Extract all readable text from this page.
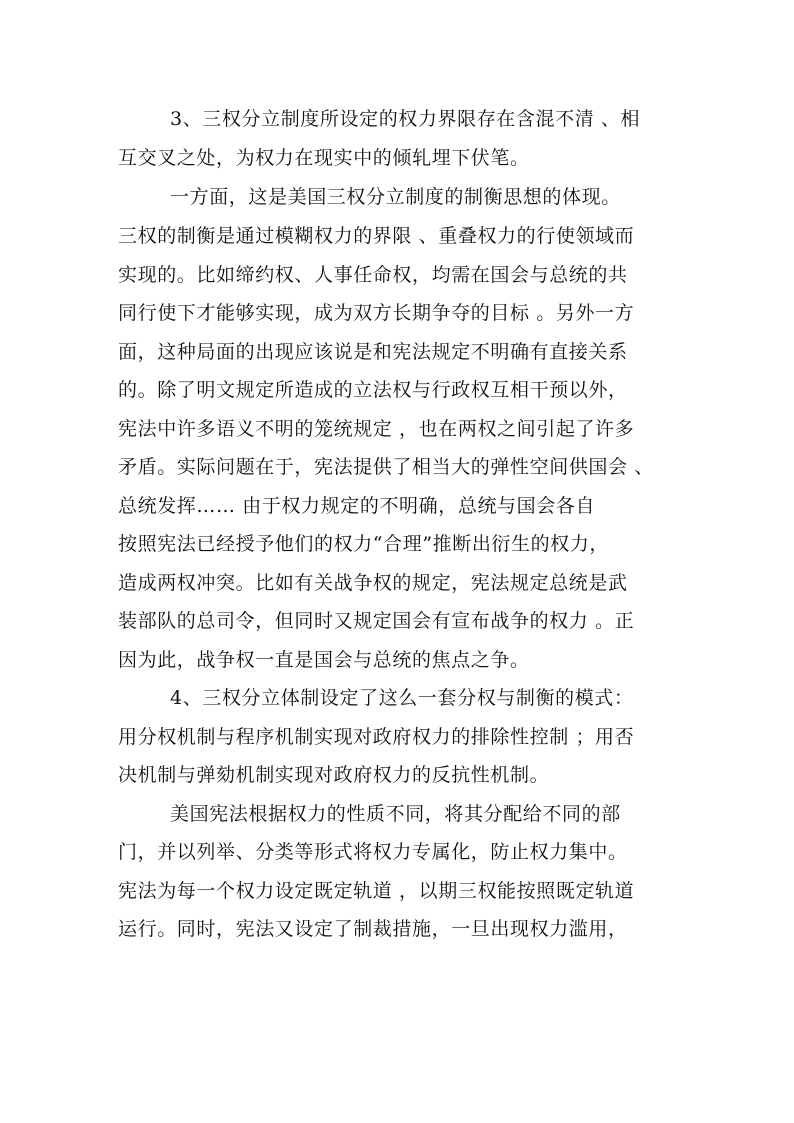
3、三权分立制度所设定的权力界限存在含混不清 、相
互交叉之处，为权力在现实中的倾轧埋下伏笔。
一方面，这是美国三权分立制度的制衡思想的体现。
三权的制衡是通过模糊权力的界限 、重叠权力的行使领域而
实现的。比如缔约权、人事任命权，均需在国会与总统的共
同行使下才能够实现，成为双方长期争夺的目标 。另外一方
面，这种局面的出现应该说是和宪法规定不明确有直接关系
的。除了明文规定所造成的立法权与行政权互相干预以外，
宪法中许多语义不明的笼统规定 ，也在两权之间引起了许多
矛盾。实际问题在于，宪法提供了相当大的弹性空间供国会 、
总统发挥…… 由于权力规定的不明确，总统与国会各自
按照宪法已经授予他们的权力“合理”推断出衍生的权力，
造成两权冲突。比如有关战争权的规定，宪法规定总统是武
装部队的总司令，但同时又规定国会有宣布战争的权力 。正
因为此，战争权一直是国会与总统的焦点之争。
4、三权分立体制设定了这么一套分权与制衡的模式：
用分权机制与程序机制实现对政府权力的排除性控制 ；用否
决机制与弹劾机制实现对政府权力的反抗性机制。
美国宪法根据权力的性质不同，将其分配给不同的部
门，并以列举、分类等形式将权力专属化，防止权力集中。
宪法为每一个权力设定既定轨道 ，以期三权能按照既定轨道
运行。同时，宪法又设定了制裁措施，一旦出现权力滥用，
